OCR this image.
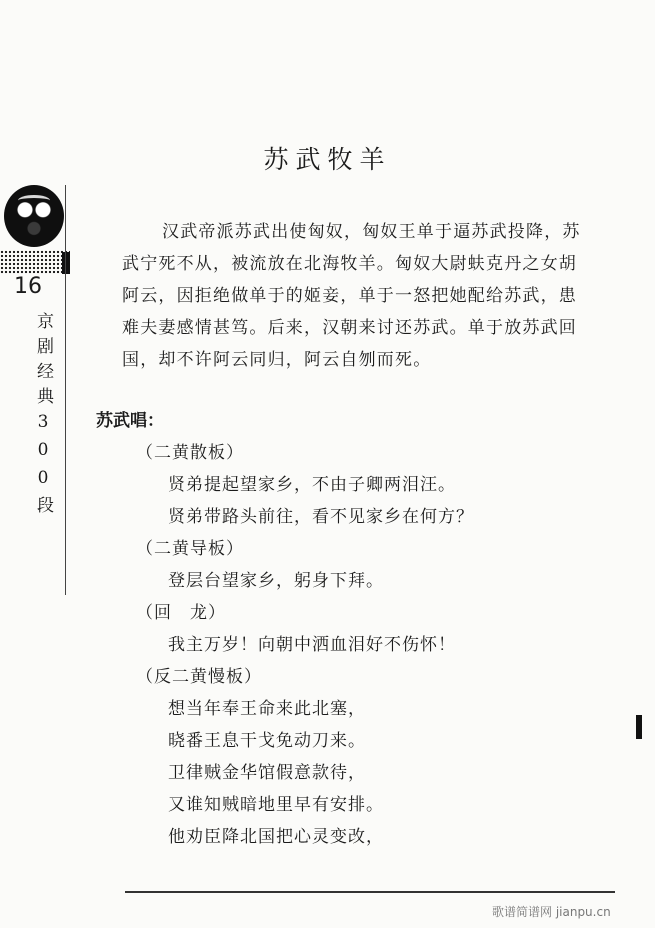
16
京剧经典300段
苏武牧羊

汉武帝派苏武出使匈奴，匈奴王单于逼苏武投降，苏武宁死不从，被流放在北海牧羊。匈奴大尉蚨克丹之女胡阿云，因拒绝做单于的姬妾，单于一怒把她配给苏武，患难夫妻感情甚笃。后来，汉朝来讨还苏武。单于放苏武回国，却不许阿云同归，阿云自刎而死。

苏武唱：
（二黄散板）
贤弟提起望家乡，不由子卿两泪汪。
贤弟带路头前往，看不见家乡在何方？
（二黄导板）
登层台望家乡，躬身下拜。
（回　龙）
我主万岁！向朝中洒血泪好不伤怀！
（反二黄慢板）
想当年奉王命来此北塞，
晓番王息干戈免动刀来。
卫律贼金华馆假意款待，
又谁知贼暗地里早有安排。
他劝臣降北国把心灵变改，
歌谱简谱网 jianpu.cn
